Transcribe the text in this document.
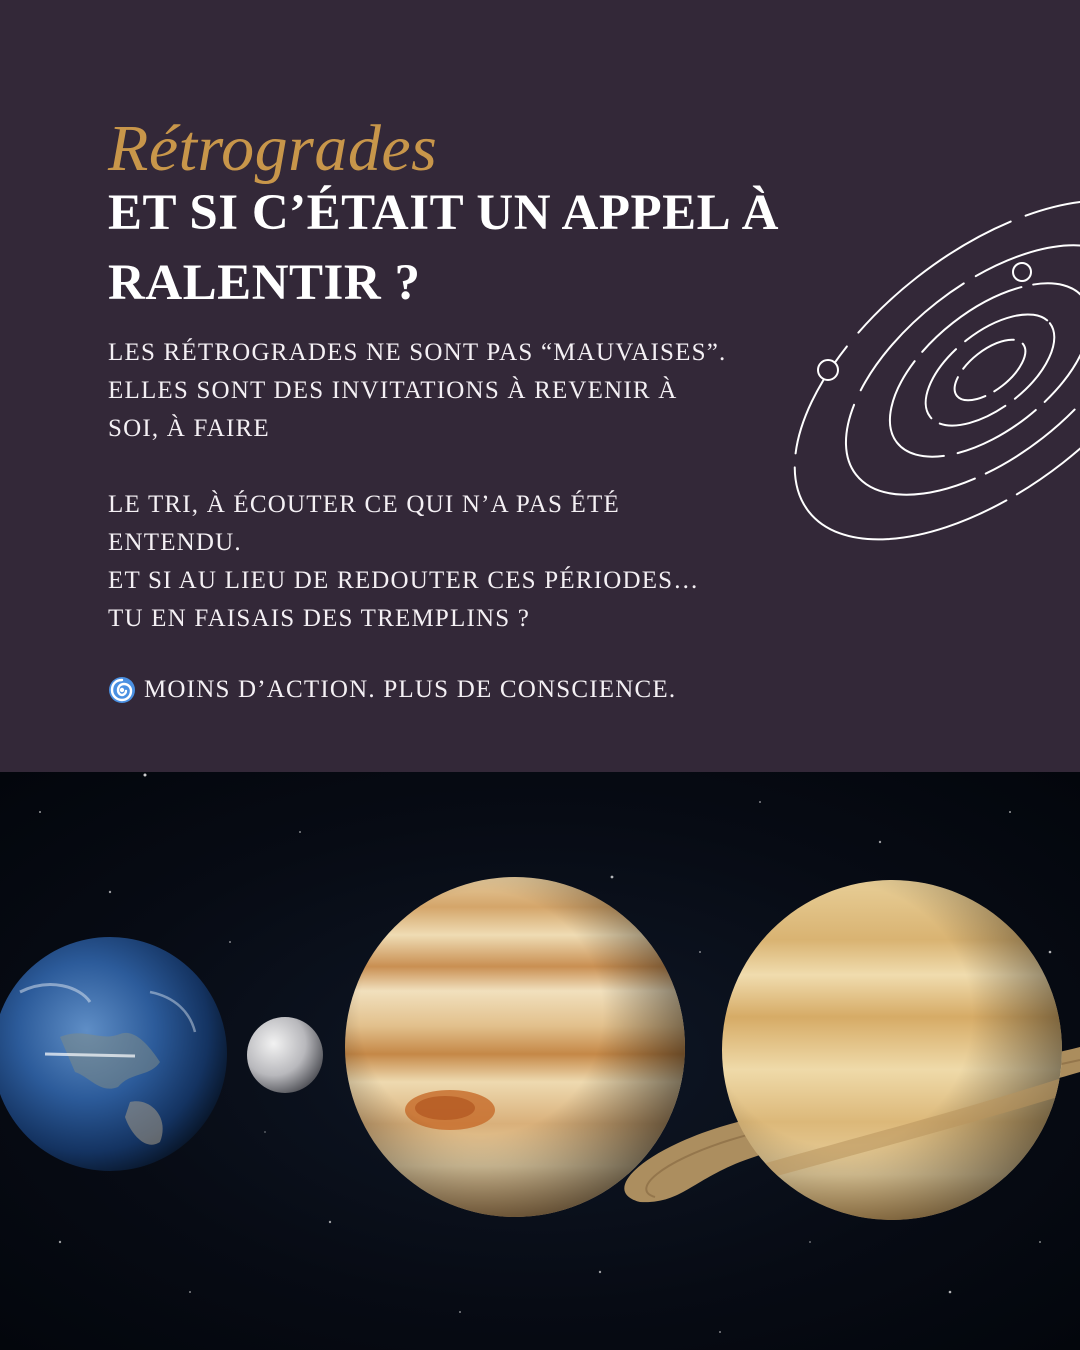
Rétrogrades
ET SI C’ÉTAIT UN APPEL À
RALENTIR ?
LES RÉTROGRADES NE SONT PAS “MAUVAISES”.
ELLES SONT DES INVITATIONS À REVENIR À
SOI, À FAIRE
LE TRI, À ÉCOUTER CE QUI N’A PAS ÉTÉ
ENTENDU.
ET SI AU LIEU DE REDOUTER CES PÉRIODES…
TU EN FAISAIS DES TREMPLINS ?
MOINS D’ACTION. PLUS DE CONSCIENCE.
